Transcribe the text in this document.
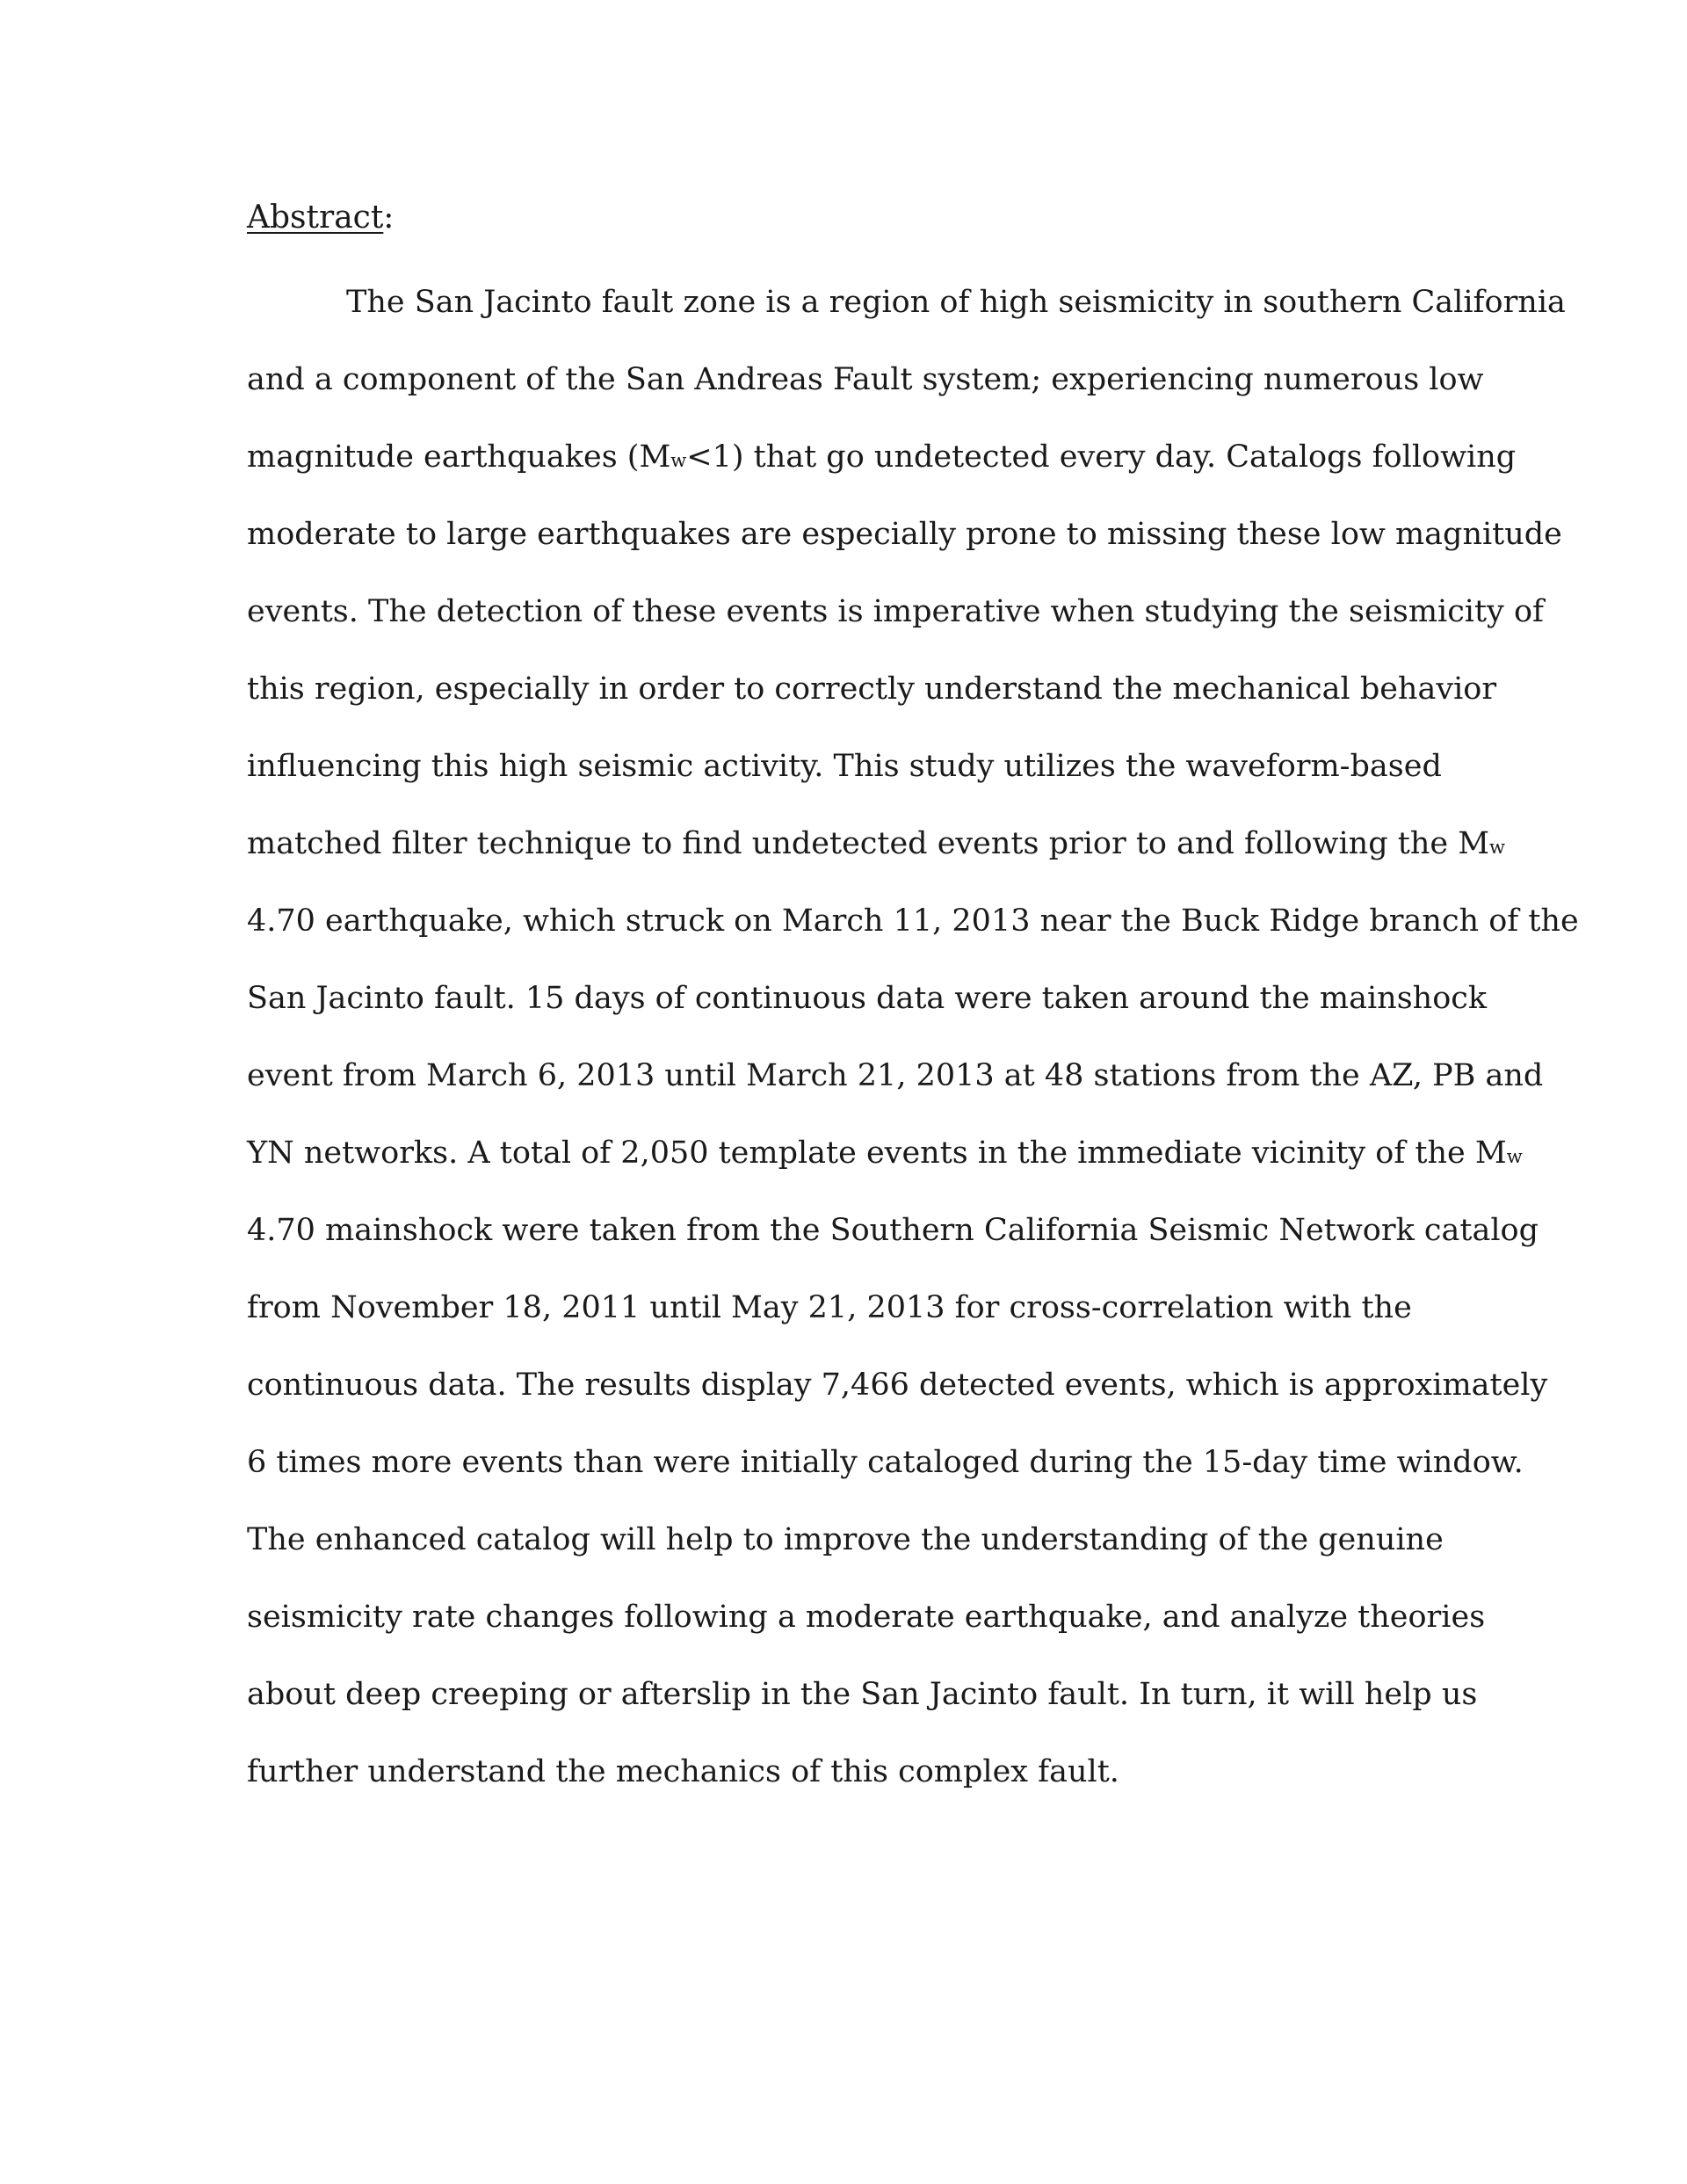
Abstract:
The San Jacinto fault zone is a region of high seismicity in southern California
and a component of the San Andreas Fault system; experiencing numerous low
magnitude earthquakes (Mw<1) that go undetected every day. Catalogs following
moderate to large earthquakes are especially prone to missing these low magnitude
events. The detection of these events is imperative when studying the seismicity of
this region, especially in order to correctly understand the mechanical behavior
influencing this high seismic activity. This study utilizes the waveform-based
matched filter technique to find undetected events prior to and following the Mw
4.70 earthquake, which struck on March 11, 2013 near the Buck Ridge branch of the
San Jacinto fault. 15 days of continuous data were taken around the mainshock
event from March 6, 2013 until March 21, 2013 at 48 stations from the AZ, PB and
YN networks. A total of 2,050 template events in the immediate vicinity of the Mw
4.70 mainshock were taken from the Southern California Seismic Network catalog
from November 18, 2011 until May 21, 2013 for cross-correlation with the
continuous data. The results display 7,466 detected events, which is approximately
6 times more events than were initially cataloged during the 15-day time window.
The enhanced catalog will help to improve the understanding of the genuine
seismicity rate changes following a moderate earthquake, and analyze theories
about deep creeping or afterslip in the San Jacinto fault. In turn, it will help us
further understand the mechanics of this complex fault.
